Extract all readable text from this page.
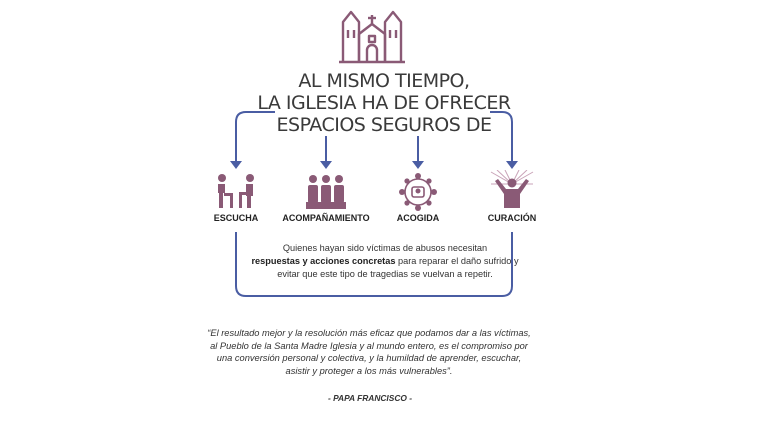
AL MISMO TIEMPO,
LA IGLESIA HA DE OFRECER
ESPACIOS SEGUROS DE
ESCUCHA	ACOMPAÑAMIENTO	ACOGIDA	CURACIÓN
Quienes hayan sido víctimas de abusos necesitan
respuestas y acciones concretas para reparar el daño sufrido y evitar que este tipo de tragedias se vuelvan a repetir.
“El resultado mejor y la resolución más eficaz que podamos dar a las víctimas, al Pueblo de la Santa Madre Iglesia y al mundo entero, es el compromiso por una conversión personal y colectiva, y la humildad de aprender, escuchar, asistir y proteger a los más vulnerables”.
- PAPA FRANCISCO -
